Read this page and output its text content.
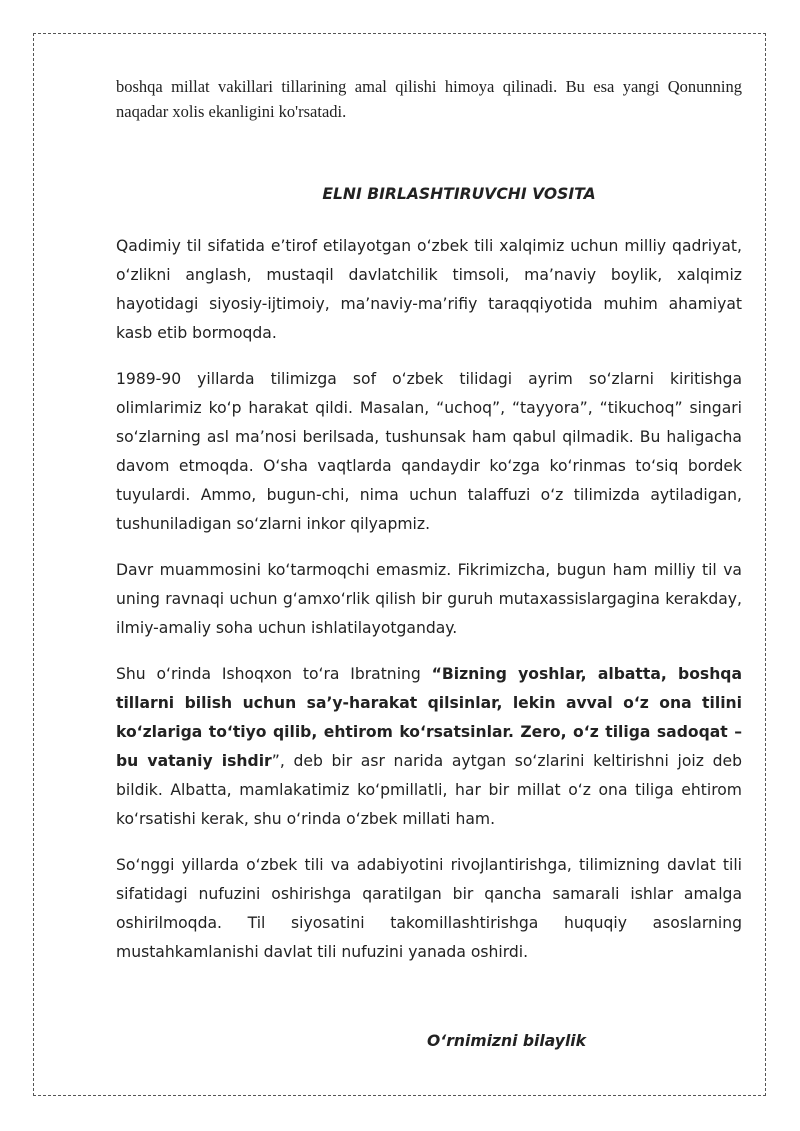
boshqa millat vakillari tillarining amal qilishi himoya qilinadi. Bu esa yangi Qonunning naqadar xolis ekanligini ko'rsatadi.

ELNI BIRLASHTIRUVCHI VOSITA

Qadimiy til sifatida e’tirof etilayotgan o‘zbek tili xalqimiz uchun milliy qadriyat, o‘zlikni anglash, mustaqil davlatchilik timsoli, ma’naviy boylik, xalqimiz hayotidagi siyosiy-ijtimoiy, ma’naviy-ma’rifiy taraqqiyotida muhim ahamiyat kasb etib bormoqda.

1989-90 yillarda tilimizga sof o‘zbek tilidagi ayrim so‘zlarni kiritishga olimlarimiz ko‘p harakat qildi. Masalan, “uchoq”, “tayyora”, “tikuchoq” singari so‘zlarning asl ma’nosi berilsada, tushunsak ham qabul qilmadik. Bu haligacha davom etmoqda. O‘sha vaqtlarda qandaydir ko‘zga ko‘rinmas to‘siq bordek tuyulardi. Ammo, bugun-chi, nima uchun talaffuzi o‘z tilimizda aytiladigan, tushuniladigan so‘zlarni inkor qilyapmiz.

Davr muammosini ko‘tarmoqchi emasmiz. Fikrimizcha, bugun ham milliy til va uning ravnaqi uchun g‘amxo‘rlik qilish bir guruh mutaxassislargagina kerakday, ilmiy-amaliy soha uchun ishlatilayotganday.

Shu o‘rinda Ishoqxon to‘ra Ibratning “Bizning yoshlar, albatta, boshqa tillarni bilish uchun sa’y-harakat qilsinlar, lekin avval o‘z ona tilini ko‘zlariga to‘tiyo qilib, ehtirom ko‘rsatsinlar. Zero, o‘z tiliga sadoqat – bu vataniy ishdir”, deb bir asr narida aytgan so‘zlarini keltirishni joiz deb bildik. Albatta, mamlakatimiz ko‘pmillatli, har bir millat o‘z ona tiliga ehtirom ko‘rsatishi kerak, shu o‘rinda o‘zbek millati ham.

So‘nggi yillarda o‘zbek tili va adabiyotini rivojlantirishga, tilimizning davlat tili sifatidagi nufuzini oshirishga qaratilgan bir qancha samarali ishlar amalga oshirilmoqda. Til siyosatini takomillashtirishga huquqiy asoslarning mustahkamlanishi davlat tili nufuzini yanada oshirdi.

O‘rnimizni bilaylik
